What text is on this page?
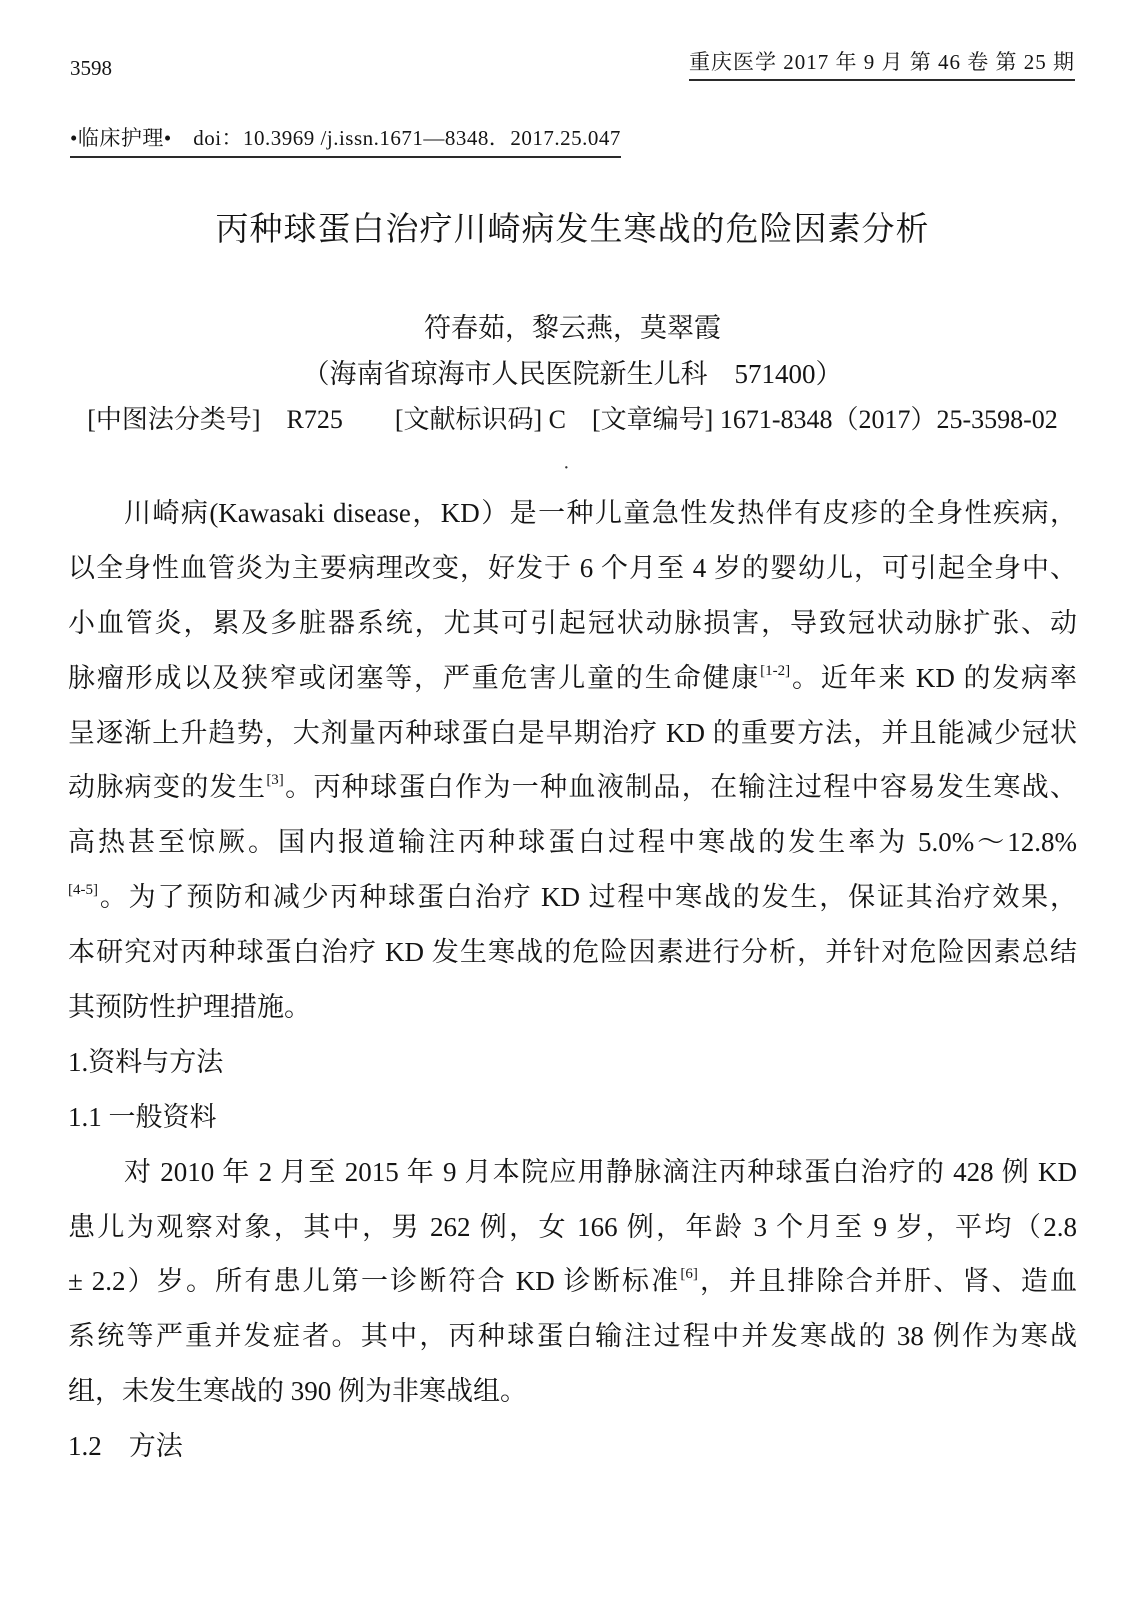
3598	重庆医学 2017 年 9 月 第 46 卷 第 25 期
•临床护理•　doi：10.3969 /j.issn.1671—8348．2017.25.047
丙种球蛋白治疗川崎病发生寒战的危险因素分析
符春茹，黎云燕，莫翠霞
（海南省琼海市人民医院新生儿科　571400）
[中图法分类号]　R725　　[文献标识码] C　[文章编号] 1671-8348（2017）25-3598-02
·
川崎病(Kawasaki disease，KD）是一种儿童急性发热伴有皮疹的全身性疾病，
以全身性血管炎为主要病理改变，好发于 6 个月至 4 岁的婴幼儿，可引起全身中、
小血管炎，累及多脏器系统，尤其可引起冠状动脉损害，导致冠状动脉扩张、动
脉瘤形成以及狭窄或闭塞等，严重危害儿童的生命健康[1-2]。近年来 KD 的发病率
呈逐渐上升趋势，大剂量丙种球蛋白是早期治疗 KD 的重要方法，并且能减少冠状
动脉病变的发生[3]。丙种球蛋白作为一种血液制品，在输注过程中容易发生寒战、
高热甚至惊厥。国内报道输注丙种球蛋白过程中寒战的发生率为 5.0%～12.8%
[4-5]。为了预防和减少丙种球蛋白治疗 KD 过程中寒战的发生，保证其治疗效果，
本研究对丙种球蛋白治疗 KD 发生寒战的危险因素进行分析，并针对危险因素总结
其预防性护理措施。
1.资料与方法
1.1 一般资料
对 2010 年 2 月至 2015 年 9 月本院应用静脉滴注丙种球蛋白治疗的 428 例 KD
患儿为观察对象，其中，男 262 例，女 166 例，年龄 3 个月至 9 岁，平均（2.8
± 2.2）岁。所有患儿第一诊断符合 KD 诊断标准[6]，并且排除合并肝、肾、造血
系统等严重并发症者。其中，丙种球蛋白输注过程中并发寒战的 38 例作为寒战
组，未发生寒战的 390 例为非寒战组。
1.2　方法
